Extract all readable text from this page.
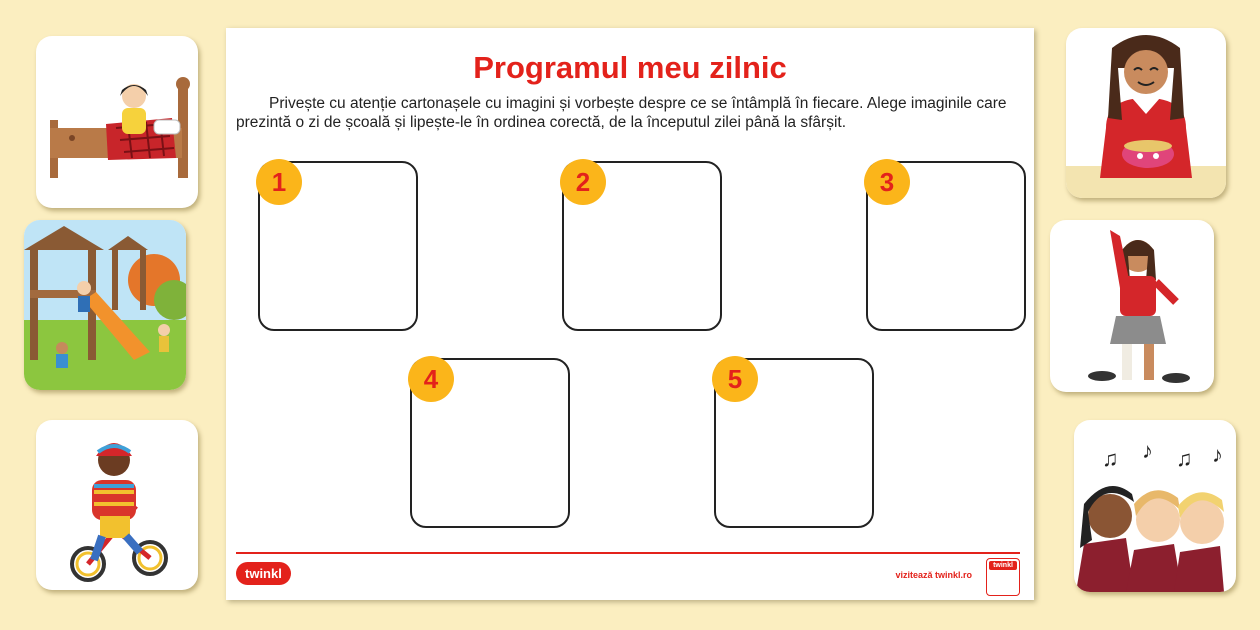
♫ ♪ ♫ ♪
Programul meu zilnic

Privește cu atenție cartonașele cu imagini și vorbește despre ce se întâmplă în fiecare. Alege imaginile care prezintă o zi de școală și lipește-le în ordinea corectă, de la începutul zilei până la sfârșit.

1	2	3
4	5
twinkl	vizitează twinkl.ro
twinkl
